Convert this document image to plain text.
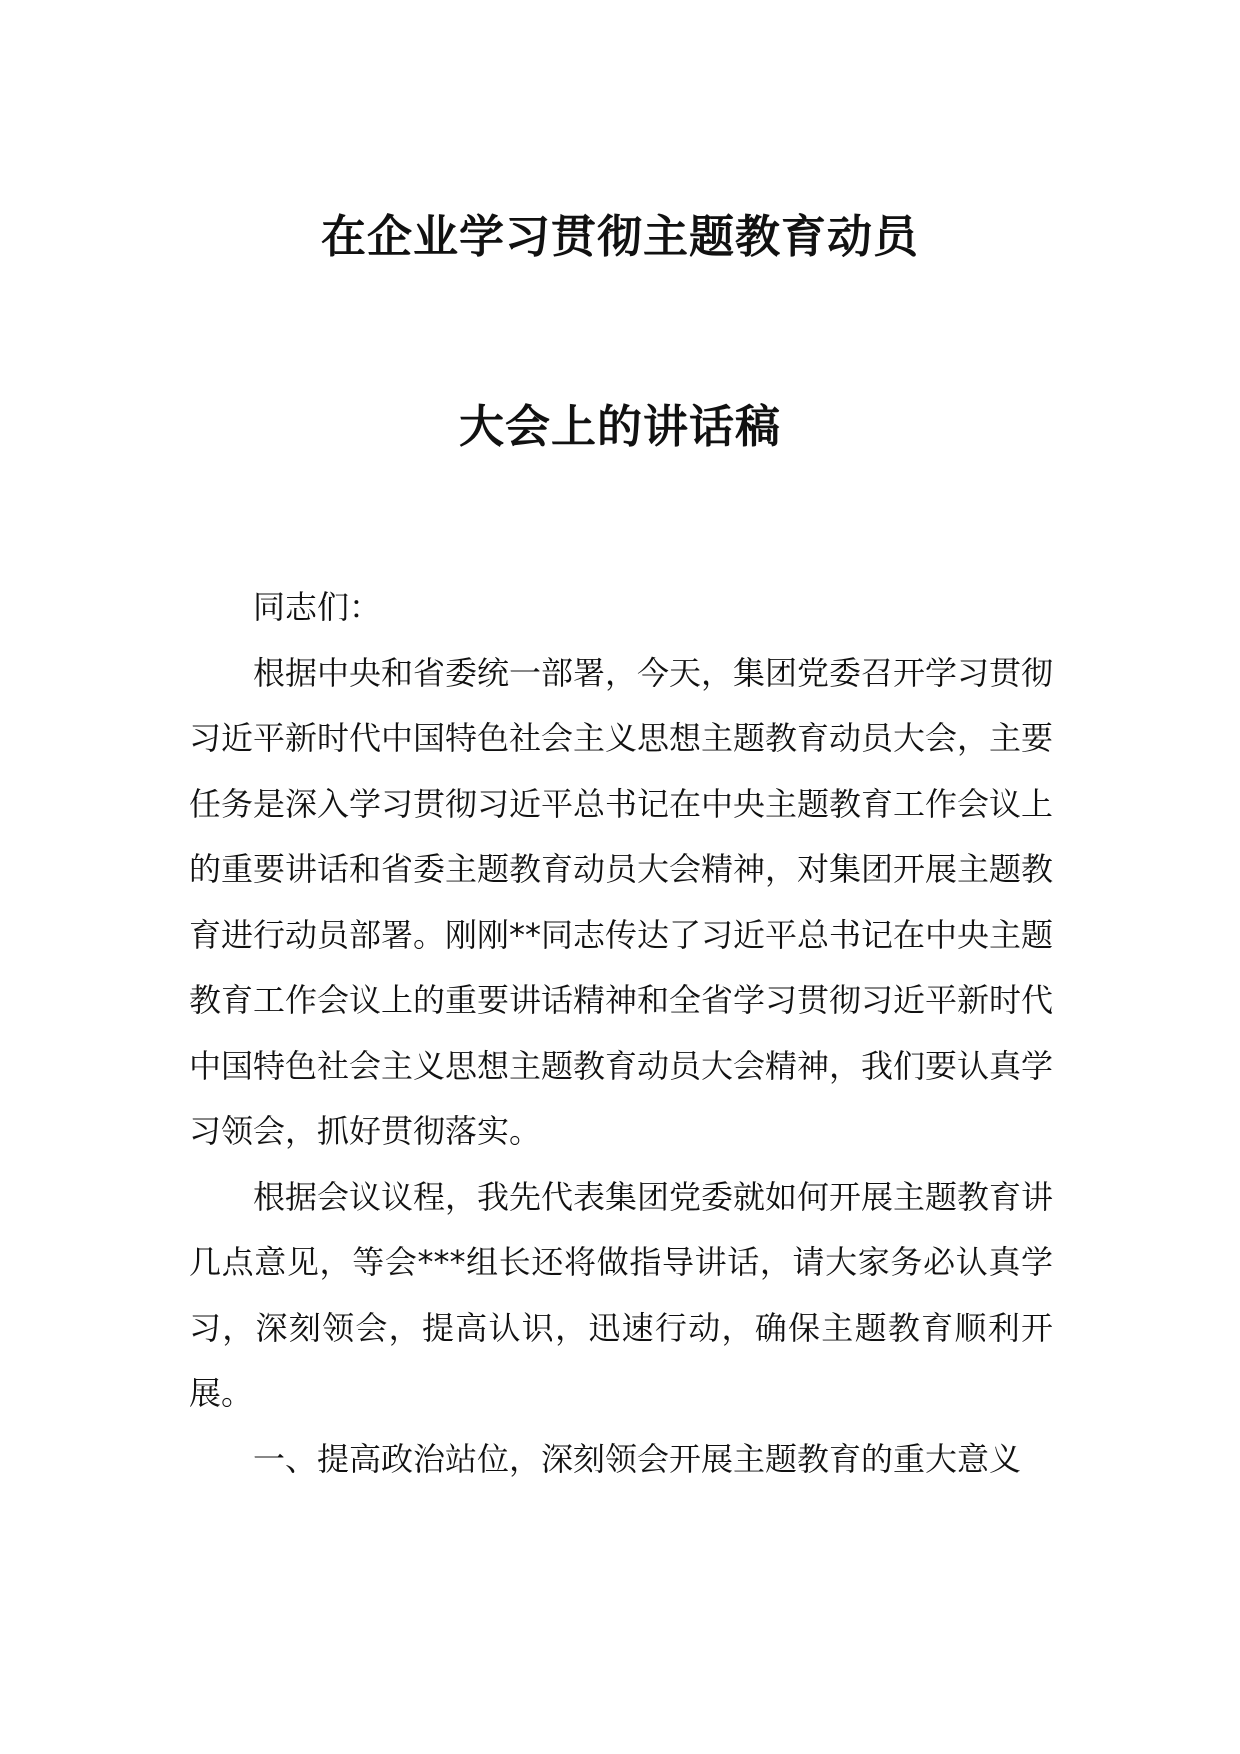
在企业学习贯彻主题教育动员
大会上的讲话稿

同志们：

根据中央和省委统一部署，今天，集团党委召开学习贯彻习近平新时代中国特色社会主义思想主题教育动员大会，主要任务是深入学习贯彻习近平总书记在中央主题教育工作会议上的重要讲话和省委主题教育动员大会精神，对集团开展主题教育进行动员部署。刚刚**同志传达了习近平总书记在中央主题教育工作会议上的重要讲话精神和全省学习贯彻习近平新时代中国特色社会主义思想主题教育动员大会精神，我们要认真学习领会，抓好贯彻落实。

根据会议议程，我先代表集团党委就如何开展主题教育讲几点意见，等会***组长还将做指导讲话，请大家务必认真学习，深刻领会，提高认识，迅速行动，确保主题教育顺利开展。

一、提高政治站位，深刻领会开展主题教育的重大意义
